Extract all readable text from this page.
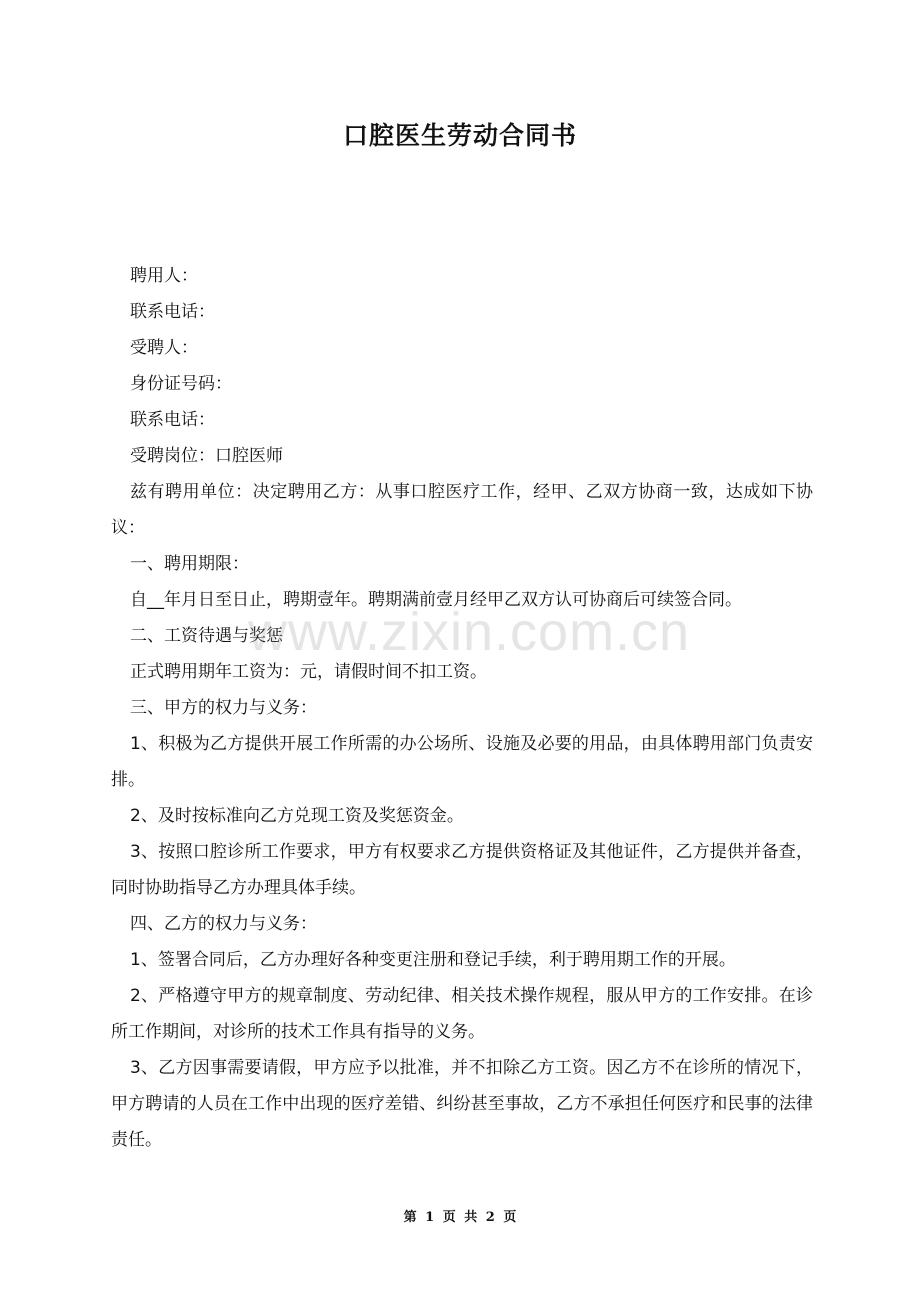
口腔医生劳动合同书

聘用人：

联系电话：

受聘人：

身份证号码：

联系电话：

受聘岗位：口腔医师

兹有聘用单位：决定聘用乙方：从事口腔医疗工作，经甲、乙双方协商一致，达成如下协议：

一、聘用期限：

自__年月日至日止，聘期壹年。聘期满前壹月经甲乙双方认可协商后可续签合同。

二、工资待遇与奖惩

正式聘用期年工资为：元，请假时间不扣工资。

三、甲方的权力与义务：

1、积极为乙方提供开展工作所需的办公场所、设施及必要的用品，由具体聘用部门负责安排。

2、及时按标准向乙方兑现工资及奖惩资金。

3、按照口腔诊所工作要求，甲方有权要求乙方提供资格证及其他证件，乙方提供并备查，同时协助指导乙方办理具体手续。

四、乙方的权力与义务：

1、签署合同后，乙方办理好各种变更注册和登记手续，利于聘用期工作的开展。

2、严格遵守甲方的规章制度、劳动纪律、相关技术操作规程，服从甲方的工作安排。在诊所工作期间，对诊所的技术工作具有指导的义务。

3、乙方因事需要请假，甲方应予以批准，并不扣除乙方工资。因乙方不在诊所的情况下，甲方聘请的人员在工作中出现的医疗差错、纠纷甚至事故，乙方不承担任何医疗和民事的法律责任。

www.zixin.com.cn
第 1 页 共 2 页
